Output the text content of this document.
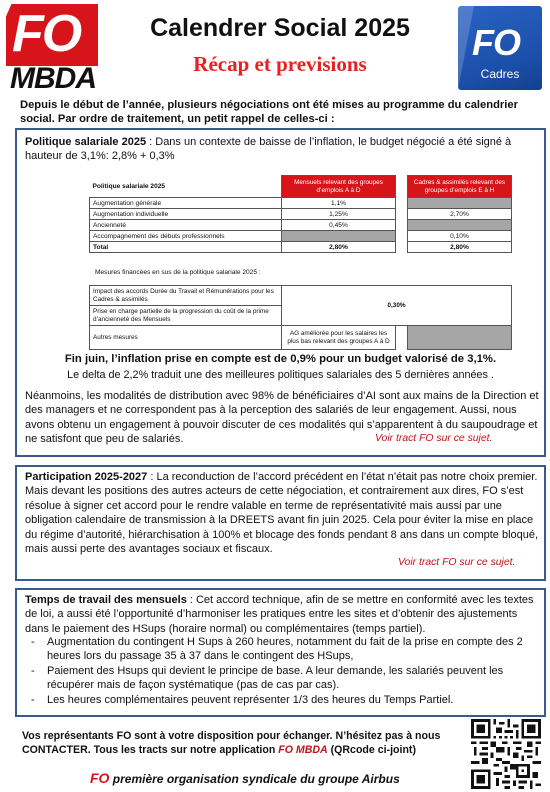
FO
MBDA
Calendrer Social 2025
Récap et previsions
FO
Cadres
Depuis le début de l’année, plusieurs négociations ont été mises au programme du calendrier social. Par ordre de traitement, un petit rappel de celles-ci :
Politique salariale 2025 : Dans un contexte de baisse de l’inflation, le budget négocié a été signé à hauteur de 3,1%: 2,8% + 0,3%
Politique salariale 2025	Mensuels relevant des groupes d’emplois A à D		Cadres & assimilés relevant des groupes d’emplois E à H
Augmentation générale	1,1%		
Augmentation individuelle	1,25%		2,70%
Ancienneté	0,45%		
Accompagnement des débuts professionnels			0,10%
Total	2,80%		2,80%
Mesures financées en sus de la politique salariale 2025 :
Impact des accords Durée du Travail et Rémunérations pour les Cadres & assimilés	0,30%		
Prise en charge partielle de la progression du coût de la prime d’ancienneté des Mensuels			
Autres mesures	AG améliorée pour les salaires les plus bas relevant des groupes A à D		
Fin juin, l’inflation prise en compte est de 0,9% pour un budget valorisé de 3,1%.
Le delta de 2,2% traduit une des meilleures politiques salariales des 5 dernières années .
Néanmoins, les modalités de distribution avec 98% de bénéficiaires d’AI sont aux mains de la Direction et des managers et ne correspondent pas à la perception des salariés de leur engagement. Aussi, nous avons obtenu un engagement à pouvoir discuter de ces modalités qui s’apparentent à du saupoudrage et ne satisfont que peu de salariés.	Voir tract FO sur ce sujet.
Participation 2025-2027 : La reconduction de l’accord précédent en l’état n’était pas notre choix premier. Mais devant les positions des autres acteurs de cette négociation, et contrairement aux dires, FO s’est résolue à signer cet accord pour le rendre valable en terme de représentativité mais aussi par une obligation calendaire de transmission à la DREETS avant fin juin 2025. Cela pour éviter la mise en place du régime d’autorité, hiérarchisation à 100% et blocage des fonds pendant 8 ans dans un compte bloqué, mais aussi perte des avantages sociaux et fiscaux.
Voir tract FO sur ce sujet.
Temps de travail des mensuels : Cet accord technique, afin de se mettre en conformité avec les textes de loi, a aussi été l’opportunité d’harmoniser les pratiques entre les sites et d’obtenir des ajustements dans le paiement des HSups (horaire normal) ou complémentaires (temps partiel).
- Augmentation du contingent H Sups à 260 heures, notamment du fait de la prise en compte des 2 heures lors du passage 35 à 37 dans le contingent des HSups,
- Paiement des Hsups qui devient le principe de base. A leur demande, les salariés peuvent les récupérer mais de façon systématique (pas de cas par cas).
- Les heures complémentaires peuvent représenter 1/3 des heures du Temps Partiel.
Vos représentants FO sont à votre disposition pour échanger. N’hésitez pas à nous CONTACTER. Tous les tracts sur notre application FO MBDA (QRcode ci-joint)
FO première organisation syndicale du groupe Airbus
